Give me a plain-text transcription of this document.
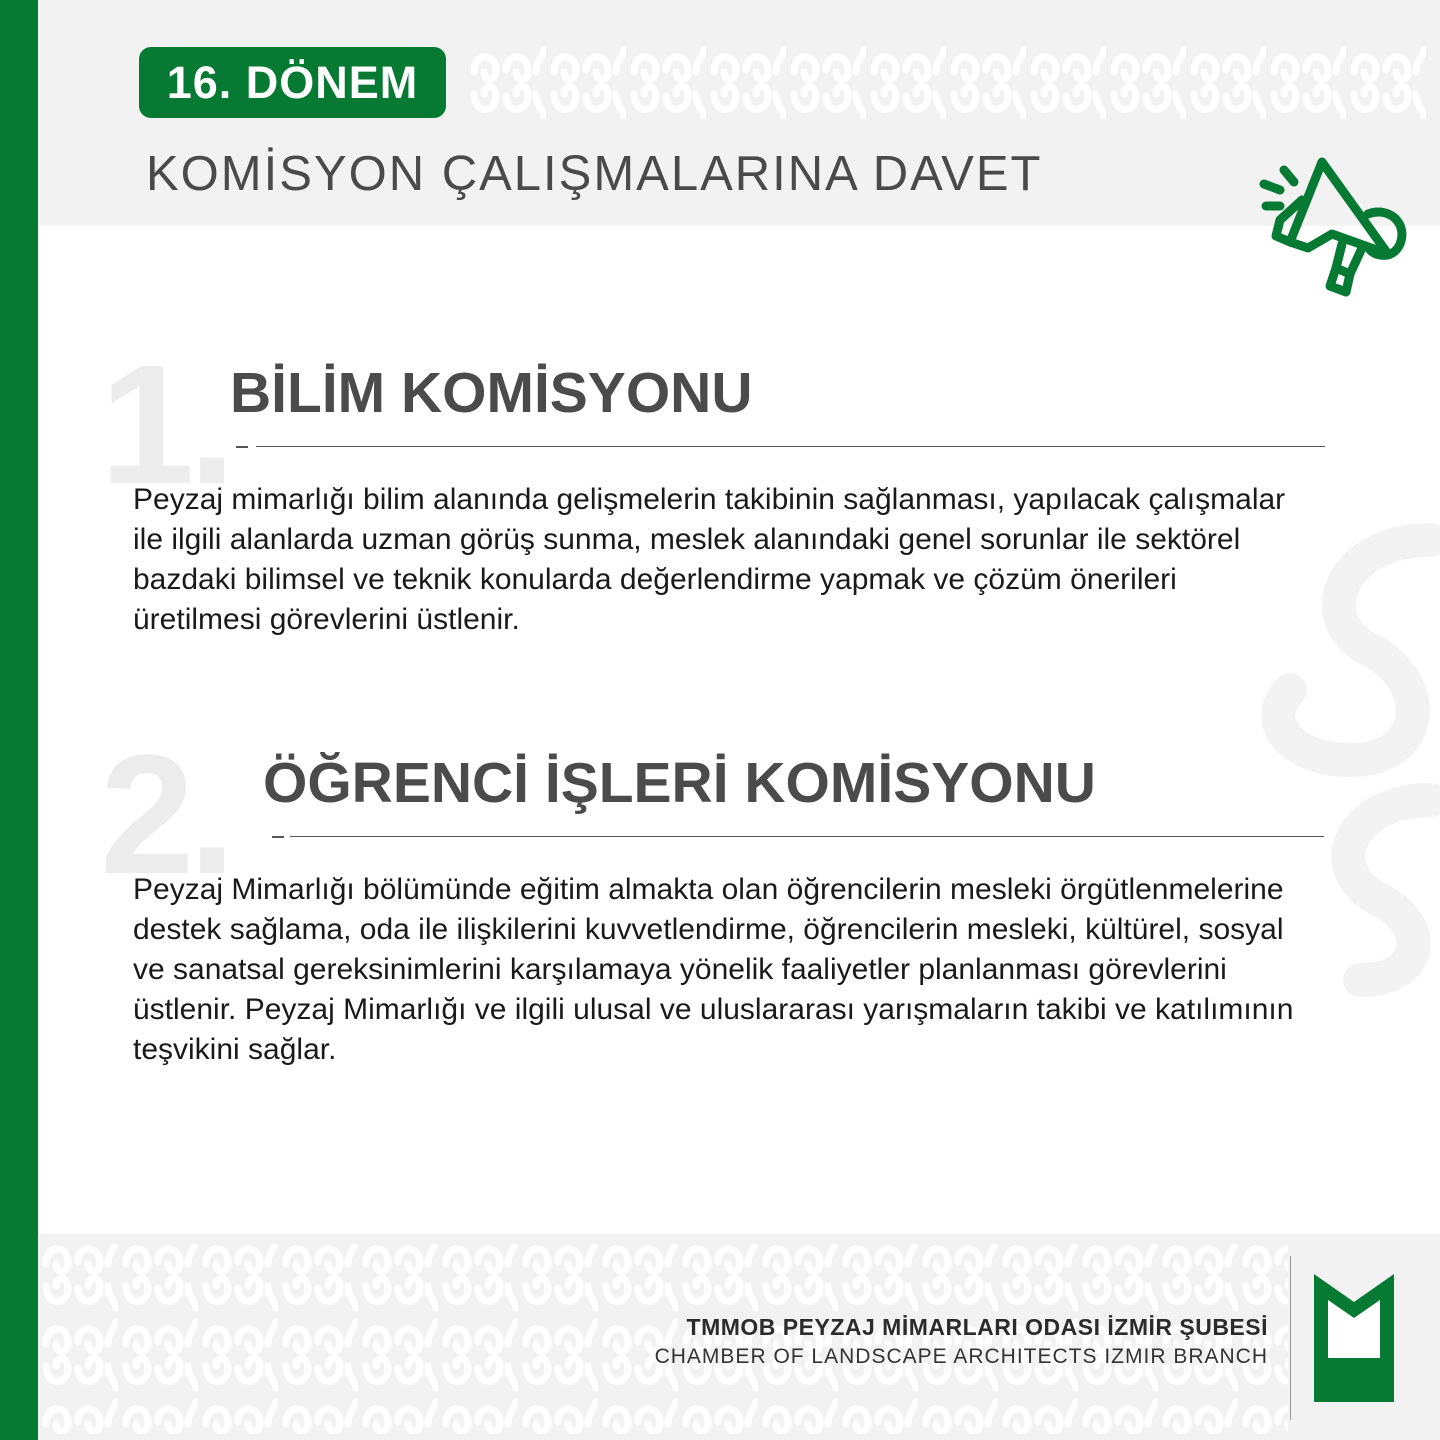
16. DÖNEM
KOMİSYON ÇALIŞMALARINA DAVET
1. BİLİM KOMİSYONU
Peyzaj mimarlığı bilim alanında gelişmelerin takibinin sağlanması, yapılacak çalışmalar ile ilgili alanlarda uzman görüş sunma, meslek alanındaki genel sorunlar ile sektörel bazdaki bilimsel ve teknik konularda değerlendirme yapmak ve çözüm önerileri üretilmesi görevlerini üstlenir.
2. ÖĞRENCİ İŞLERİ KOMİSYONU
Peyzaj Mimarlığı bölümünde eğitim almakta olan öğrencilerin mesleki örgütlenmelerine destek sağlama, oda ile ilişkilerini kuvvetlendirme, öğrencilerin mesleki, kültürel, sosyal ve sanatsal gereksinimlerini karşılamaya yönelik faaliyetler planlanması görevlerini üstlenir. Peyzaj Mimarlığı ve ilgili ulusal ve uluslararası yarışmaların takibi ve katılımının teşvikini sağlar.
TMMOB PEYZAJ MİMARLARI ODASI İZMİR ŞUBESİ
CHAMBER OF LANDSCAPE ARCHITECTS IZMIR BRANCH
